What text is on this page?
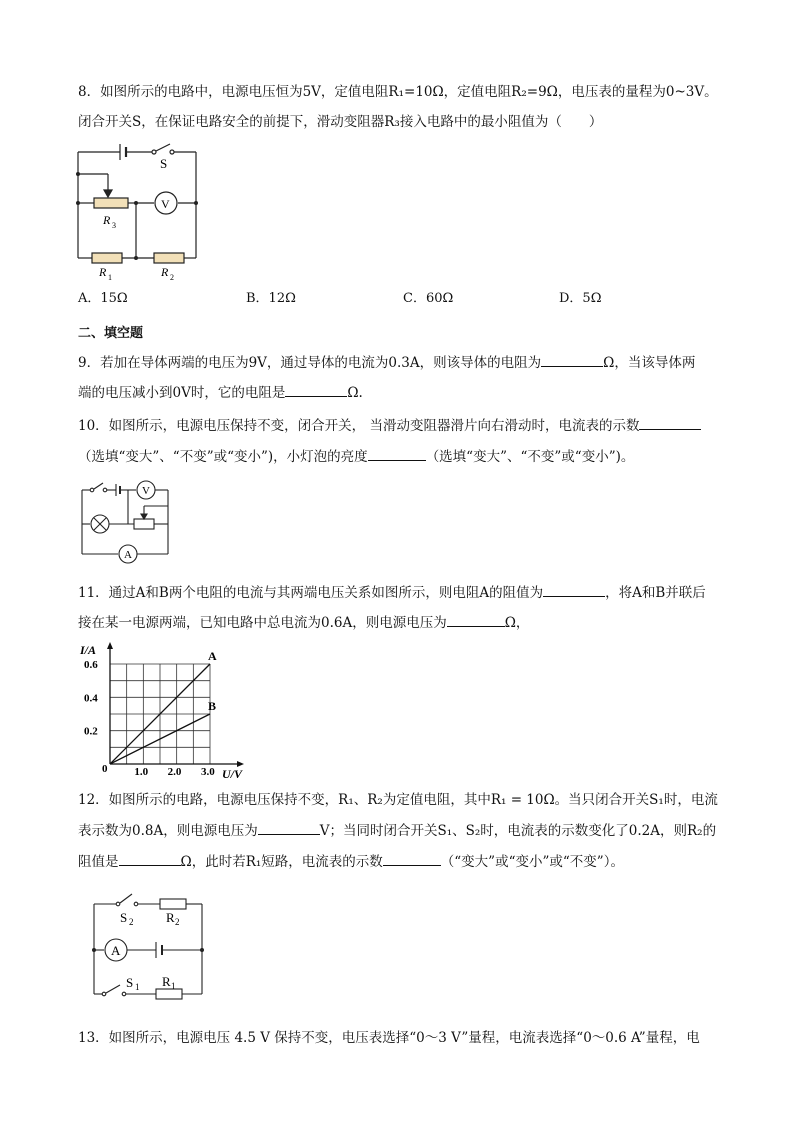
8．如图所示的电路中，电源电压恒为5V，定值电阻R₁=10Ω，定值电阻R₂=9Ω，电压表的量程为0~3V。
闭合开关S，在保证电路安全的前提下，滑动变阻器R₃接入电路中的最小阻值为（　　）
S
V
R 3
R 1	R 2
A．15Ω	B．12Ω	C．60Ω	D．5Ω
二、填空题
9．若加在导体两端的电压为9V，通过导体的电流为0.3A，则该导体的电阻为	Ω，当该导体两
端的电压减小到0V时，它的电阻是	Ω.
10．如图所示，电源电压保持不变，闭合开关， 当滑动变阻器滑片向右滑动时，电流表的示数
（选填“变大”、“不变”或“变小”)，小灯泡的亮度	（选填“变大”、“不变”或“变小”)。
V
A
11．通过A和B两个电阻的电流与其两端电压关系如图所示，则电阻A的阻值为	，将A和B并联后
接在某一电源两端，已知电路中总电流为0.6A，则电源电压为	Ω，
A
B
1.0 2.0 3.0
0.2
0.4
0.6
I/A
U/V
0
12．如图所示的电路，电源电压保持不变，R₁、R₂为定值电阻，其中R₁ = 10Ω。当只闭合开关S₁时，电流
表示数为0.8A，则电源电压为	V；当同时闭合开关S₁、S₂时，电流表的示数变化了0.2A，则R₂的
阻值是	Ω，此时若R₁短路，电流表的示数	（“变大”或“变小”或“不变”）。
S 2	R 2
A
S 1 R 1
13．如图所示，电源电压 4.5 V 保持不变，电压表选择“0～3 V”量程，电流表选择“0～0.6 A”量程，电
